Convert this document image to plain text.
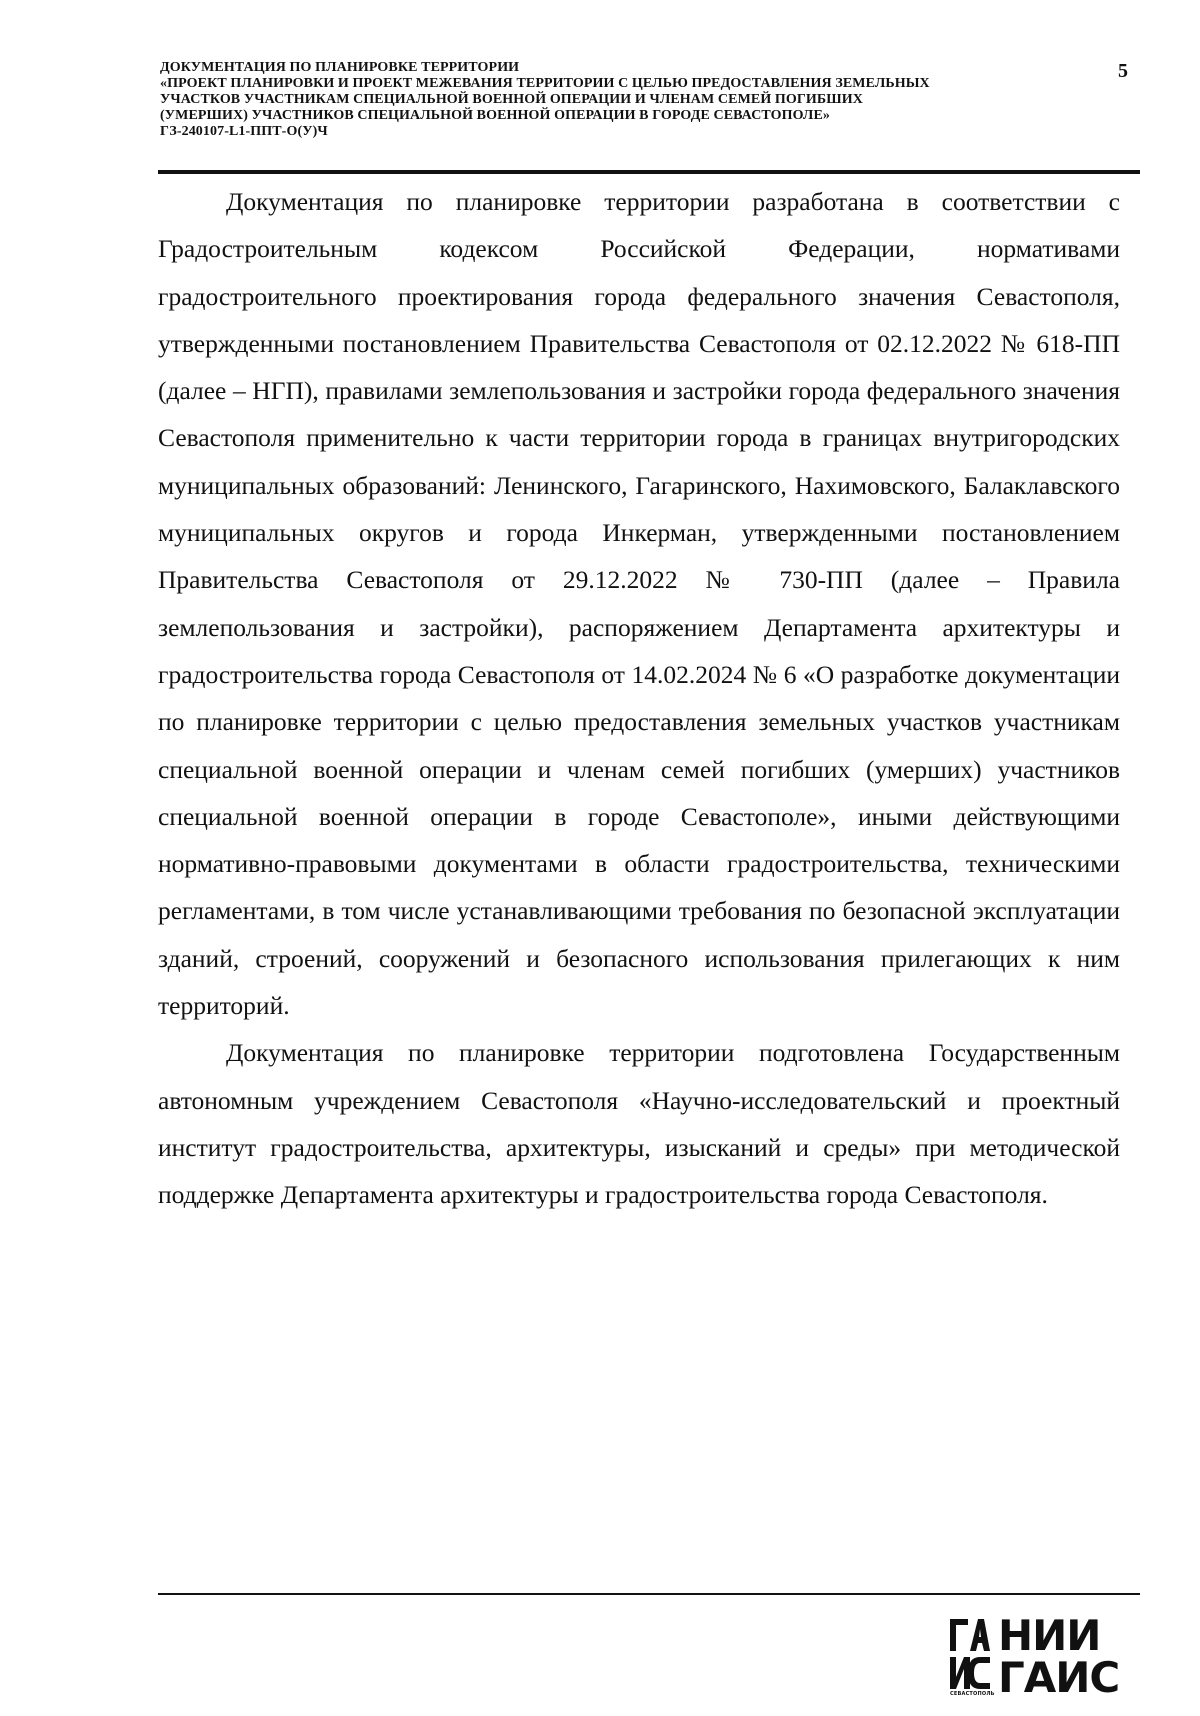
ДОКУМЕНТАЦИЯ ПО ПЛАНИРОВКЕ ТЕРРИТОРИИ
«ПРОЕКТ ПЛАНИРОВКИ И ПРОЕКТ МЕЖЕВАНИЯ ТЕРРИТОРИИ С ЦЕЛЬЮ ПРЕДОСТАВЛЕНИЯ ЗЕМЕЛЬНЫХ
УЧАСТКОВ УЧАСТНИКАМ СПЕЦИАЛЬНОЙ ВОЕННОЙ ОПЕРАЦИИ И ЧЛЕНАМ СЕМЕЙ ПОГИБШИХ
(УМЕРШИХ) УЧАСТНИКОВ СПЕЦИАЛЬНОЙ ВОЕННОЙ ОПЕРАЦИИ В ГОРОДЕ СЕВАСТОПОЛЕ»
ГЗ-240107-L1-ППТ-О(У)Ч
5

Документация по планировке территории разработана в соответствии с Градостроительным кодексом Российской Федерации, нормативами градостроительного проектирования города федерального значения Севастополя, утвержденными постановлением Правительства Севастополя от 02.12.2022 № 618-ПП (далее – НГП), правилами землепользования и застройки города федерального значения Севастополя применительно к части территории города в границах внутригородских муниципальных образований: Ленинского, Гагаринского, Нахимовского, Балаклавского муниципальных округов и города Инкерман, утвержденными постановлением Правительства Севастополя от 29.12.2022 № 730-ПП (далее – Правила землепользования и застройки), распоряжением Департамента архитектуры и градостроительства города Севастополя от 14.02.2024 № 6 «О разработке документации по планировке территории с целью предоставления земельных участков участникам специальной военной операции и членам семей погибших (умерших) участников специальной военной операции в городе Севастополе», иными действующими нормативно-правовыми документами в области градостроительства, техническими регламентами, в том числе устанавливающими требования по безопасной эксплуатации зданий, строений, сооружений и безопасного использования прилегающих к ним территорий.

Документация по планировке территории подготовлена Государственным автономным учреждением Севастополя «Научно-исследовательский и проектный институт градостроительства, архитектуры, изысканий и среды» при методической поддержке Департамента архитектуры и градостроительства города Севастополя.

НИИ
ГАИС
СЕВАСТОПОЛЬ
